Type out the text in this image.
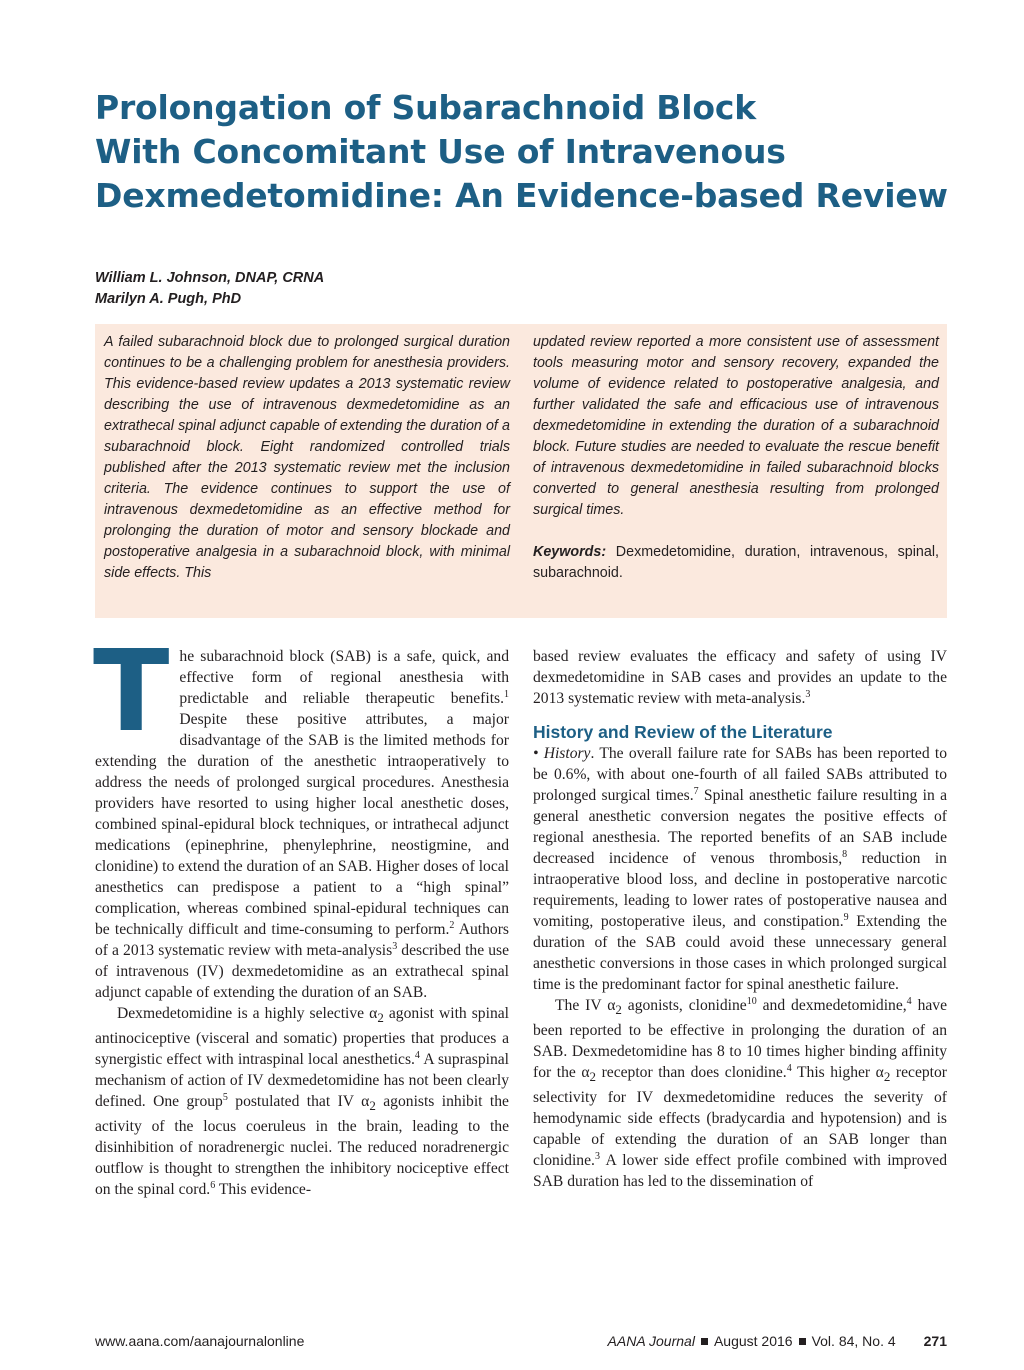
Prolongation of Subarachnoid Block
With Concomitant Use of Intravenous
Dexmedetomidine: An Evidence-based Review
William L. Johnson, DNAP, CRNA
Marilyn A. Pugh, PhD

A failed subarachnoid block due to prolonged surgical duration continues to be a challenging problem for anesthesia providers. This evidence-based review updates a 2013 systematic review describing the use of intravenous dexmedetomidine as an extrathecal spinal adjunct capable of extending the duration of a subarachnoid block. Eight randomized controlled trials published after the 2013 systematic review met the inclusion criteria. The evidence continues to support the use of intravenous dexmedetomidine as an effective method for prolonging the duration of motor and sensory blockade and postoperative analgesia in a subarachnoid block, with minimal side effects. This

updated review reported a more consistent use of assessment tools measuring motor and sensory recovery, expanded the volume of evidence related to postoperative analgesia, and further validated the safe and efficacious use of intravenous dexmedetomidine in extending the duration of a subarachnoid block. Future studies are needed to evaluate the rescue benefit of intravenous dexmedetomidine in failed subarachnoid blocks converted to general anesthesia resulting from prolonged surgical times.

Keywords: Dexmedetomidine, duration, intravenous, spinal, subarachnoid.

The subarachnoid block (SAB) is a safe, quick, and effective form of regional anesthesia with predictable and reliable therapeutic benefits.$^1$ Despite these positive attributes, a major disadvantage of the SAB is the limited methods for extending the duration of the anesthetic intraoperatively to address the needs of prolonged surgical procedures. Anesthesia providers have resorted to using higher local anesthetic doses, combined spinal-epidural block techniques, or intrathecal adjunct medications (epinephrine, phenylephrine, neostigmine, and clonidine) to extend the duration of an SAB. Higher doses of local anesthetics can predispose a patient to a “high spinal” complication, whereas combined spinal-epidural techniques can be technically difficult and time-consuming to perform.$^2$ Authors of a 2013 systematic review with meta-analysis$^3$ described the use of intravenous (IV) dexmedetomidine as an extrathecal spinal adjunct capable of extending the duration of an SAB.

Dexmedetomidine is a highly selective $\alpha_2$ agonist with spinal antinociceptive (visceral and somatic) properties that produces a synergistic effect with intraspinal local anesthetics.$^4$ A supraspinal mechanism of action of IV dexmedetomidine has not been clearly defined. One group$^5$ postulated that IV $\alpha_2$ agonists inhibit the activity of the locus coeruleus in the brain, leading to the disinhibition of noradrenergic nuclei. The reduced noradrenergic outflow is thought to strengthen the inhibitory nociceptive effect on the spinal cord.$^6$ This evidence-

based review evaluates the efficacy and safety of using IV dexmedetomidine in SAB cases and provides an update to the 2013 systematic review with meta-analysis.$^3$

History and Review of the Literature

• History. The overall failure rate for SABs has been reported to be 0.6%, with about one-fourth of all failed SABs attributed to prolonged surgical times.$^7$ Spinal anesthetic failure resulting in a general anesthetic conversion negates the positive effects of regional anesthesia. The reported benefits of an SAB include decreased incidence of venous thrombosis,$^8$ reduction in intraoperative blood loss, and decline in postoperative narcotic requirements, leading to lower rates of postoperative nausea and vomiting, postoperative ileus, and constipation.$^9$ Extending the duration of the SAB could avoid these unnecessary general anesthetic conversions in those cases in which prolonged surgical time is the predominant factor for spinal anesthetic failure.

The IV $\alpha_2$ agonists, clonidine$^{10}$ and dexmedetomidine,$^4$ have been reported to be effective in prolonging the duration of an SAB. Dexmedetomidine has 8 to 10 times higher binding affinity for the $\alpha_2$ receptor than does clonidine.$^4$ This higher $\alpha_2$ receptor selectivity for IV dexmedetomidine reduces the severity of hemodynamic side effects (bradycardia and hypotension) and is capable of extending the duration of an SAB longer than clonidine.$^3$ A lower side effect profile combined with improved SAB duration has led to the dissemination of

www.aana.com/aanajournalonline	AANA Journal August 2016 Vol. 84, No. 4 271
